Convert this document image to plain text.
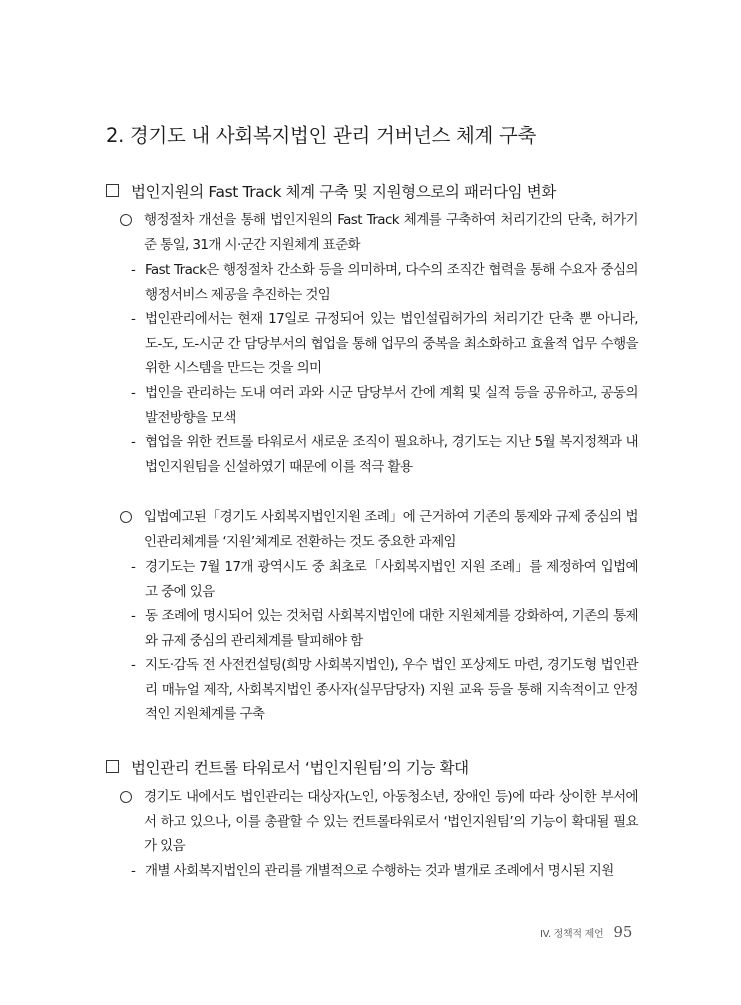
2. 경기도 내 사회복지법인 관리 거버넌스 체계 구축
법인지원의 Fast Track 체계 구축 및 지원형으로의 패러다임 변화
행정절차 개선을 통해 법인지원의 Fast Track 체계를 구축하여 처리기간의 단축, 허가기준 통일, 31개 시·군간 지원체계 표준화
- Fast Track은 행정절차 간소화 등을 의미하며, 다수의 조직간 협력을 통해 수요자 중심의 행정서비스 제공을 추진하는 것임
- 법인관리에서는 현재 17일로 규정되어 있는 법인설립허가의 처리기간 단축 뿐 아니라, 도-도, 도-시군 간 담당부서의 협업을 통해 업무의 중복을 최소화하고 효율적 업무 수행을 위한 시스템을 만드는 것을 의미
- 법인을 관리하는 도내 여러 과와 시군 담당부서 간에 계획 및 실적 등을 공유하고, 공동의 발전방향을 모색
- 협업을 위한 컨트롤 타워로서 새로운 조직이 필요하나, 경기도는 지난 5월 복지정책과 내 법인지원팀을 신설하였기 때문에 이를 적극 활용
입법예고된「경기도 사회복지법인지원 조례」에 근거하여 기존의 통제와 규제 중심의 법인관리체계를 ‘지원’체계로 전환하는 것도 중요한 과제임
- 경기도는 7월 17개 광역시도 중 최초로「사회복지법인 지원 조례」를 제정하여 입법예고 중에 있음
- 동 조례에 명시되어 있는 것처럼 사회복지법인에 대한 지원체계를 강화하여, 기존의 통제와 규제 중심의 관리체계를 탈피해야 함
- 지도·감독 전 사전컨설팅(희망 사회복지법인), 우수 법인 포상제도 마련, 경기도형 법인관리 매뉴얼 제작, 사회복지법인 종사자(실무담당자) 지원 교육 등을 통해 지속적이고 안정적인 지원체계를 구축
법인관리 컨트롤 타워로서 ‘법인지원팀’의 기능 확대
경기도 내에서도 법인관리는 대상자(노인, 아동청소년, 장애인 등)에 따라 상이한 부서에서 하고 있으나, 이를 총괄할 수 있는 컨트롤타워로서 ‘법인지원팀’의 기능이 확대될 필요가 있음
- 개별 사회복지법인의 관리를 개별적으로 수행하는 것과 별개로 조례에서 명시된 지원
IV. 정책적 제언 95
